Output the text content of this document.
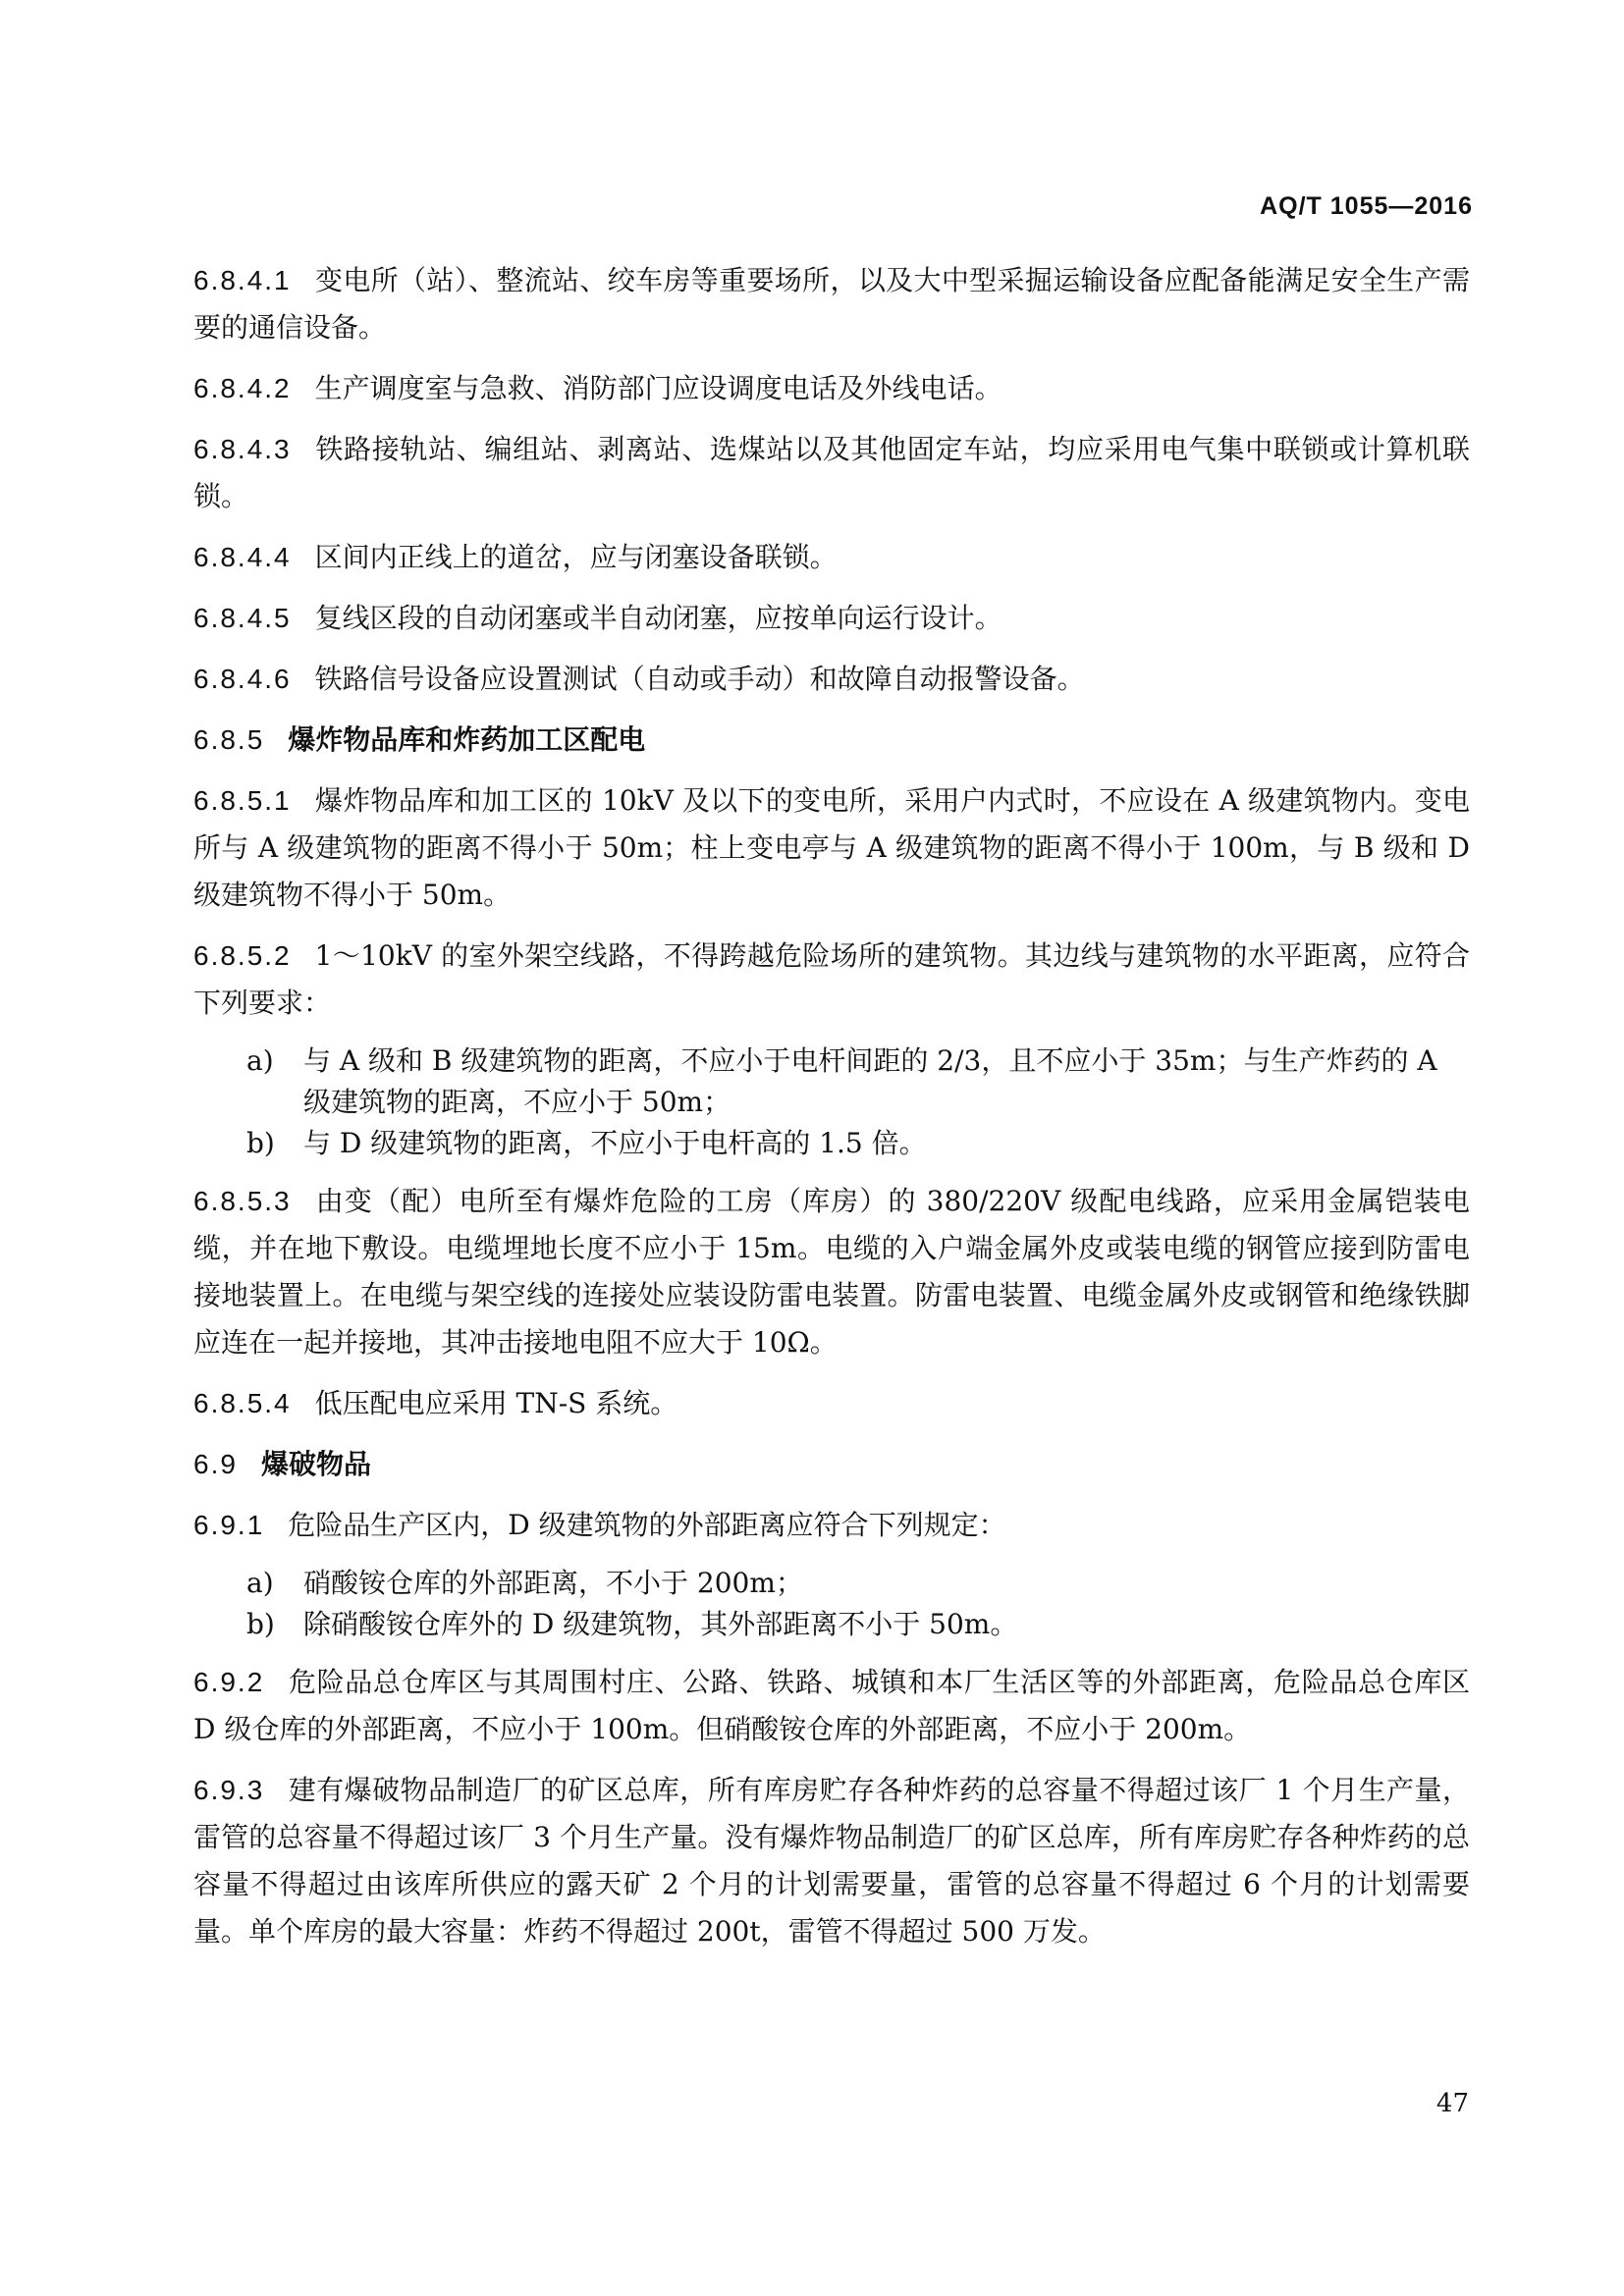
AQ/T 1055—2016

6.8.4.1 变电所（站）、整流站、绞车房等重要场所，以及大中型采掘运输设备应配备能满足安全生产需要的通信设备。

6.8.4.2 生产调度室与急救、消防部门应设调度电话及外线电话。

6.8.4.3 铁路接轨站、编组站、剥离站、选煤站以及其他固定车站，均应采用电气集中联锁或计算机联锁。

6.8.4.4 区间内正线上的道岔，应与闭塞设备联锁。

6.8.4.5 复线区段的自动闭塞或半自动闭塞，应按单向运行设计。

6.8.4.6 铁路信号设备应设置测试（自动或手动）和故障自动报警设备。

6.8.5 爆炸物品库和炸药加工区配电

6.8.5.1 爆炸物品库和加工区的 10kV 及以下的变电所，采用户内式时，不应设在 A 级建筑物内。变电所与 A 级建筑物的距离不得小于 50m；柱上变电亭与 A 级建筑物的距离不得小于 100m，与 B 级和 D 级建筑物不得小于 50m。

6.8.5.2 1～10kV 的室外架空线路，不得跨越危险场所的建筑物。其边线与建筑物的水平距离，应符合下列要求：

a)	与 A 级和 B 级建筑物的距离，不应小于电杆间距的 2/3，且不应小于 35m；与生产炸药的 A 级建筑物的距离，不应小于 50m；
b)	与 D 级建筑物的距离，不应小于电杆高的 1.5 倍。

6.8.5.3 由变（配）电所至有爆炸危险的工房（库房）的 380/220V 级配电线路，应采用金属铠装电缆，并在地下敷设。电缆埋地长度不应小于 15m。电缆的入户端金属外皮或装电缆的钢管应接到防雷电接地装置上。在电缆与架空线的连接处应装设防雷电装置。防雷电装置、电缆金属外皮或钢管和绝缘铁脚应连在一起并接地，其冲击接地电阻不应大于 10Ω。

6.8.5.4 低压配电应采用 TN-S 系统。

6.9 爆破物品

6.9.1 危险品生产区内，D 级建筑物的外部距离应符合下列规定：

a)	硝酸铵仓库的外部距离，不小于 200m；
b)	除硝酸铵仓库外的 D 级建筑物，其外部距离不小于 50m。

6.9.2 危险品总仓库区与其周围村庄、公路、铁路、城镇和本厂生活区等的外部距离，危险品总仓库区 D 级仓库的外部距离，不应小于 100m。但硝酸铵仓库的外部距离，不应小于 200m。

6.9.3 建有爆破物品制造厂的矿区总库，所有库房贮存各种炸药的总容量不得超过该厂 1 个月生产量，雷管的总容量不得超过该厂 3 个月生产量。没有爆炸物品制造厂的矿区总库，所有库房贮存各种炸药的总容量不得超过由该库所供应的露天矿 2 个月的计划需要量，雷管的总容量不得超过 6 个月的计划需要量。单个库房的最大容量：炸药不得超过 200t，雷管不得超过 500 万发。

47
